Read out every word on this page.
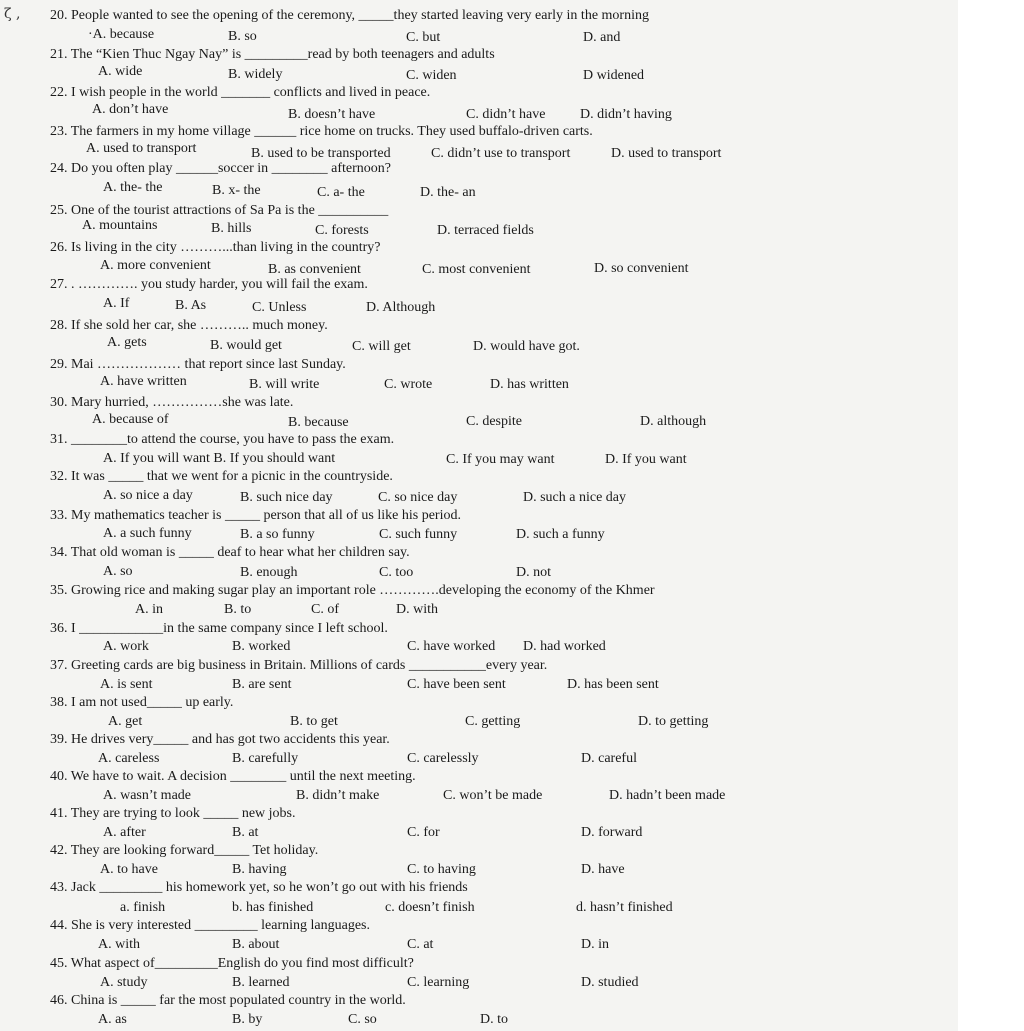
ζ , 20. People wanted to see the opening of the ceremony, _____they started leaving very early in the morning
·A. because	B. so	C. but	D. and
21. The “Kien Thuc Ngay Nay” is _________read by both teenagers and adults
A. wide	B. widely	C. widen	D widened
22. I wish people in the world _______ conflicts and lived in peace.
A. don’t have	B. doesn’t have	C. didn’t have D. didn’t having
23. The farmers in my home village ______ rice home on trucks. They used buffalo-driven carts.
A. used to transport	B. used to be transported	C. didn’t use to transport	D. used to transport
24. Do you often play ______soccer in ________ afternoon?
A. the- the	B. x- the	C. a- the	D. the- an
25. One of the tourist attractions of Sa Pa is the __________
A. mountains	B. hills	C. forests	D. terraced fields
26. Is living in the city ………...than living in the country?
A. more convenient	B. as convenient	C. most convenient	D. so convenient
27. . …………. you study harder, you will fail the exam.
A. If	B. As	C. Unless	D. Although
28. If she sold her car, she ……….. much money.
A. gets	B. would get	C. will get	D. would have got.
29. Mai ……………… that report since last Sunday.
A. have written	B. will write	C. wrote	D. has written
30. Mary hurried, ……………she was late.
A. because of	B. because	C. despite	D. although
31. ________to attend the course, you have to pass the exam.
A. If you will want B. If you should want	C. If you may want	D. If you want
32. It was _____ that we went for a picnic in the countryside.
A. so nice a day	B. such nice day	C. so nice day	D. such a nice day
33. My mathematics teacher is _____ person that all of us like his period.
A. a such funny	B. a so funny	C. such funny	D. such a funny
34. That old woman is _____ deaf to hear what her children say.
A. so	B. enough	C. too	D. not
35. Growing rice and making sugar play an important role ………….developing the economy of the Khmer
A. in	B. to	C. of	D. with
36. I ____________in the same company since I left school.
A. work	B. worked	C. have worked D. had worked
37. Greeting cards are big business in Britain. Millions of cards ___________every year.
A. is sent	B. are sent	C. have been sent	D. has been sent
38. I am not used_____ up early.
A. get	B. to get	C. getting	D. to getting
39. He drives very_____ and has got two accidents this year.
A. careless	B. carefully	C. carelessly	D. careful
40. We have to wait. A decision ________ until the next meeting.
A. wasn’t made	B. didn’t make	C. won’t be made	D. hadn’t been made
41. They are trying to look _____ new jobs.
A. after	B. at	C. for	D. forward
42. They are looking forward_____ Tet holiday.
A. to have	B. having	C. to having	D. have
43. Jack _________ his homework yet, so he won’t go out with his friends
a. finish	b. has finished	c. doesn’t finish	d. hasn’t finished
44. She is very interested _________ learning languages.
A. with	B. about	C. at	D. in
45. What aspect of_________English do you find most difficult?
A. study	B. learned	C. learning	D. studied
46. China is _____ far the most populated country in the world.
A. as	B. by	C. so	D. to
